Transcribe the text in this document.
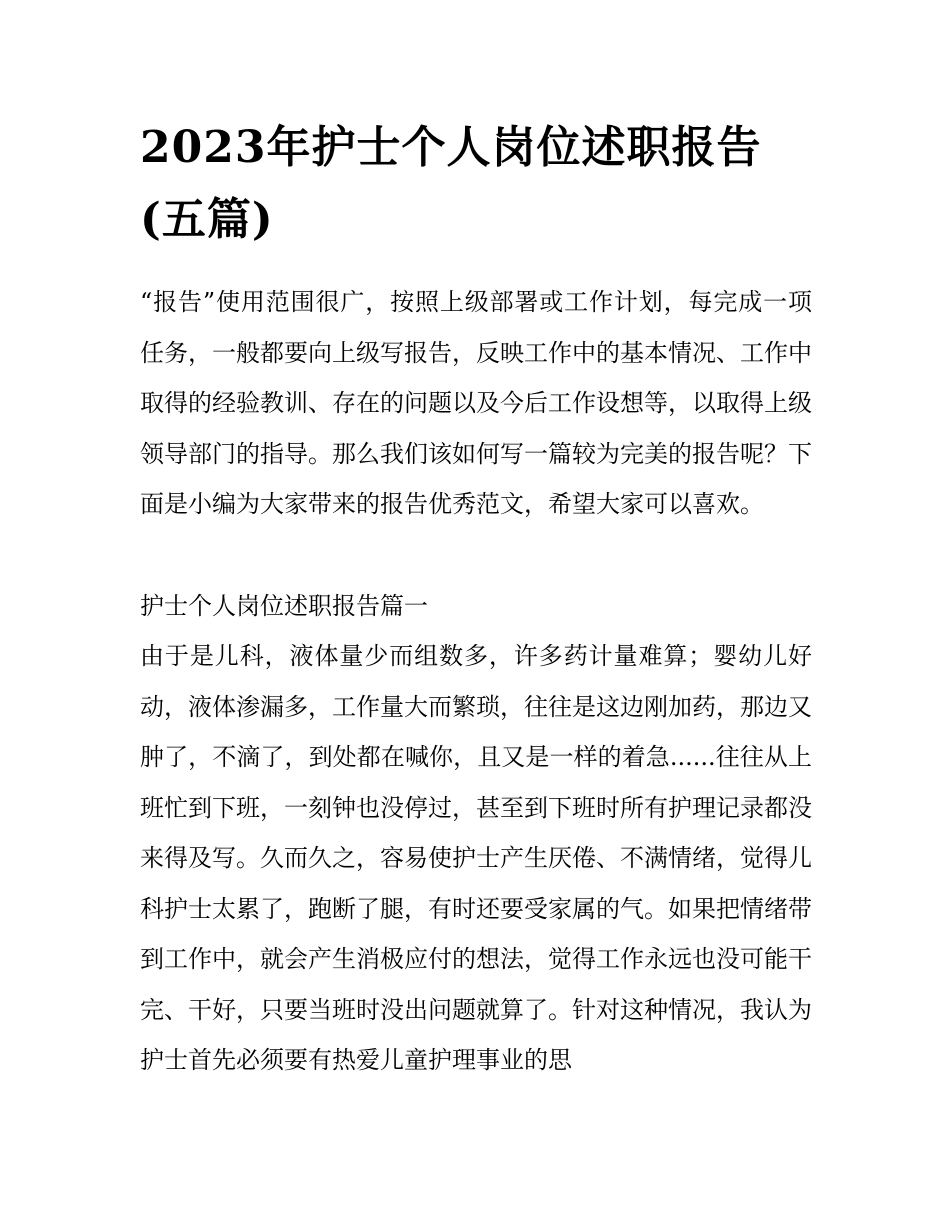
2023年护士个人岗位述职报告(五篇)

“报告”使用范围很广，按照上级部署或工作计划，每完成一项任务，一般都要向上级写报告，反映工作中的基本情况、工作中取得的经验教训、存在的问题以及今后工作设想等，以取得上级领导部门的指导。那么我们该如何写一篇较为完美的报告呢？下面是小编为大家带来的报告优秀范文，希望大家可以喜欢。

护士个人岗位述职报告篇一

由于是儿科，液体量少而组数多，许多药计量难算；婴幼儿好动，液体渗漏多，工作量大而繁琐，往往是这边刚加药，那边又肿了，不滴了，到处都在喊你，且又是一样的着急......往往从上班忙到下班，一刻钟也没停过，甚至到下班时所有护理记录都没来得及写。久而久之，容易使护士产生厌倦、不满情绪，觉得儿科护士太累了，跑断了腿，有时还要受家属的气。如果把情绪带到工作中，就会产生消极应付的想法，觉得工作永远也没可能干完、干好，只要当班时没出问题就算了。针对这种情况，我认为护士首先必须要有热爱儿童护理事业的思
